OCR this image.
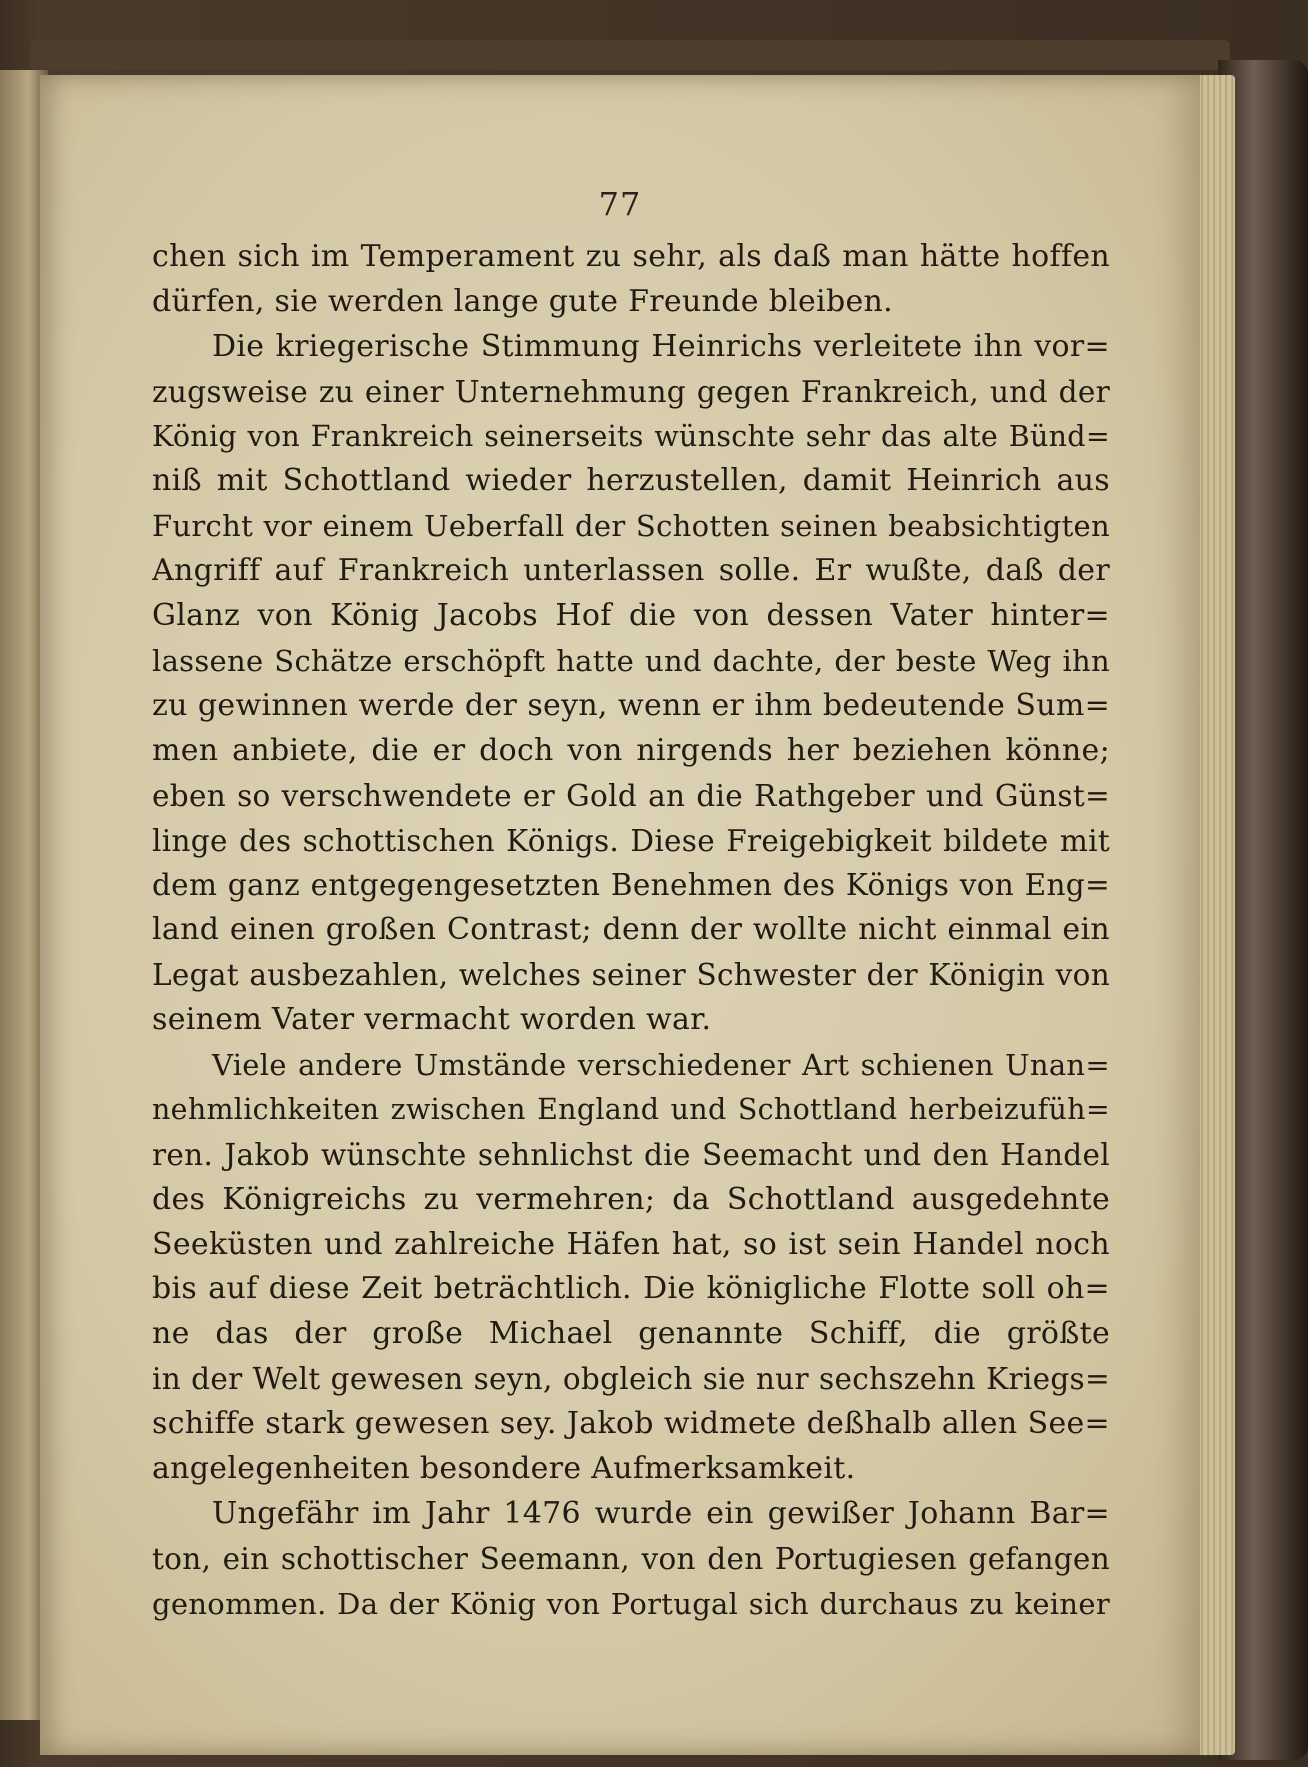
77
chen sich im Temperament zu sehr, als daß man hätte hoffen
dürfen, sie werden lange gute Freunde bleiben.
Die kriegerische Stimmung Heinrichs verleitete ihn vor=
zugsweise zu einer Unternehmung gegen Frankreich, und der
König von Frankreich seinerseits wünschte sehr das alte Bünd=
niß mit Schottland wieder herzustellen, damit Heinrich aus
Furcht vor einem Ueberfall der Schotten seinen beabsichtigten
Angriff auf Frankreich unterlassen solle. Er wußte, daß der
Glanz von König Jacobs Hof die von dessen Vater hinter=
lassene Schätze erschöpft hatte und dachte, der beste Weg ihn
zu gewinnen werde der seyn, wenn er ihm bedeutende Sum=
men anbiete, die er doch von nirgends her beziehen könne;
eben so verschwendete er Gold an die Rathgeber und Günst=
linge des schottischen Königs. Diese Freigebigkeit bildete mit
dem ganz entgegengesetzten Benehmen des Königs von Eng=
land einen großen Contrast; denn der wollte nicht einmal ein
Legat ausbezahlen, welches seiner Schwester der Königin von
seinem Vater vermacht worden war.
Viele andere Umstände verschiedener Art schienen Unan=
nehmlichkeiten zwischen England und Schottland herbeizufüh=
ren. Jakob wünschte sehnlichst die Seemacht und den Handel
des Königreichs zu vermehren; da Schottland ausgedehnte
Seeküsten und zahlreiche Häfen hat, so ist sein Handel noch
bis auf diese Zeit beträchtlich. Die königliche Flotte soll oh=
ne das der große Michael genannte Schiff, die größte
in der Welt gewesen seyn, obgleich sie nur sechszehn Kriegs=
schiffe stark gewesen sey. Jakob widmete deßhalb allen See=
angelegenheiten besondere Aufmerksamkeit.
Ungefähr im Jahr 1476 wurde ein gewißer Johann Bar=
ton, ein schottischer Seemann, von den Portugiesen gefangen
genommen. Da der König von Portugal sich durchaus zu keiner
